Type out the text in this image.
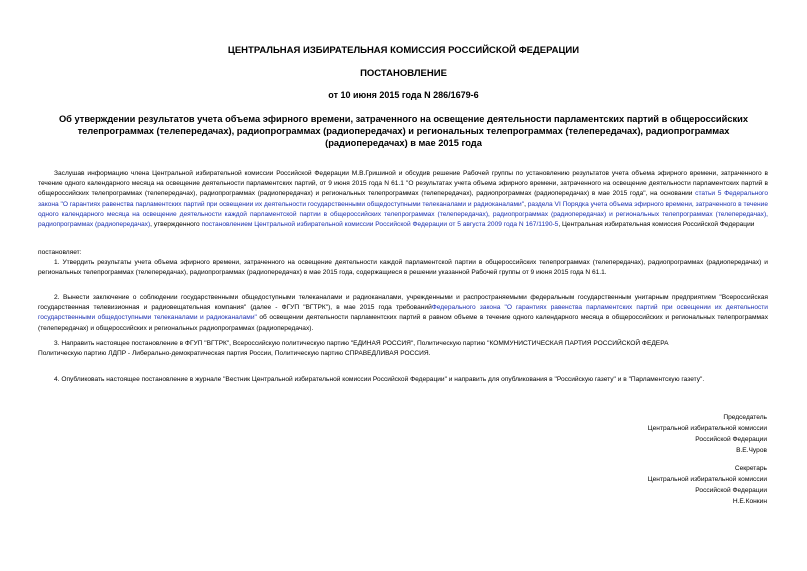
ЦЕНТРАЛЬНАЯ ИЗБИРАТЕЛЬНАЯ КОМИССИЯ РОССИЙСКОЙ ФЕДЕРАЦИИ
ПОСТАНОВЛЕНИЕ
от 10 июня 2015 года N 286/1679-6
Об утверждении результатов учета объема эфирного времени, затраченного на освещение деятельности парламентских партий в общероссийских телепрограммах (телепередачах), радиопрограммах (радиопередачах) и региональных телепрограммах (телепередачах), радиопрограммах (радиопередачах) в мае 2015 года

Заслушав информацию члена Центральной избирательной комиссии Российской Федерации М.В.Гришиной и обсудив решение Рабочей группы по установлению результатов учета объема эфирного времени, затраченного в течение одного календарного месяца на освещение деятельности парламентских партий, от 9 июня 2015 года N 61.1 "О результатах учета объема эфирного времени, затраченного на освещение деятельности парламентских партий в общероссийских телепрограммах (телепередачах), радиопрограммах (радиопередачах) и региональных телепрограммах (телепередачах), радиопрограммах (радиопередачах) в мае 2015 года", на основании статьи 5 Федерального закона "О гарантиях равенства парламентских партий при освещении их деятельности государственными общедоступными телеканалами и радиоканалами", раздела VI Порядка учета объема эфирного времени, затраченного в течение одного календарного месяца на освещение деятельности каждой парламентской партии в общероссийских телепрограммах (телепередачах), радиопрограммах (радиопередачах) и региональных телепрограммах (телепередачах), радиопрограммах (радиопередачах), утвержденного постановлением Центральной избирательной комиссии Российской Федерации от 5 августа 2009 года N 167/1190-5, Центральная избирательная комиссия Российской Федерации

постановляет:

1. Утвердить результаты учета объема эфирного времени, затраченного на освещение деятельности каждой парламентской партии в общероссийских телепрограммах (телепередачах), радиопрограммах (радиопередачах) и региональных телепрограммах (телепередачах), радиопрограммах (радиопередачах) в мае 2015 года, содержащиеся в решении указанной Рабочей группы от 9 июня 2015 года N 61.1.

2. Вынести заключение о соблюдении государственными общедоступными телеканалами и радиоканалами, учрежденными и распространяемыми федеральным государственным унитарным предприятием "Всероссийская государственная телевизионная и радиовещательная компания" (далее - ФГУП "ВГТРК"), в мае 2015 года требованийФедерального закона "О гарантиях равенства парламентских партий при освещении их деятельности государственными общедоступными телеканалами и радиоканалами" об освещении деятельности парламентских партий в равном объеме в течение одного календарного месяца в общероссийских и региональных телепрограммах (телепередачах) и общероссийских и региональных радиопрограммах (радиопередачах).

3. Направить настоящее постановление в ФГУП "ВГТРК", Всероссийскую политическую партию "ЕДИНАЯ РОССИЯ", Политическую партию "КОММУНИСТИЧЕСКАЯ ПАРТИЯ РОССИЙСКОЙ ФЕДЕРА

Политическую партию ЛДПР - Либерально-демократическая партия России, Политическую партию СПРАВЕДЛИВАЯ РОССИЯ.

4. Опубликовать настоящее постановление в журнале "Вестник Центральной избирательной комиссии Российской Федерации" и направить для опубликования в "Российскую газету" и в "Парламентскую газету".

Председатель
Центральной избирательной комиссии
Российской Федерации
В.Е.Чуров
Секретарь
Центральной избирательной комиссии
Российской Федерации
Н.Е.Конкин
